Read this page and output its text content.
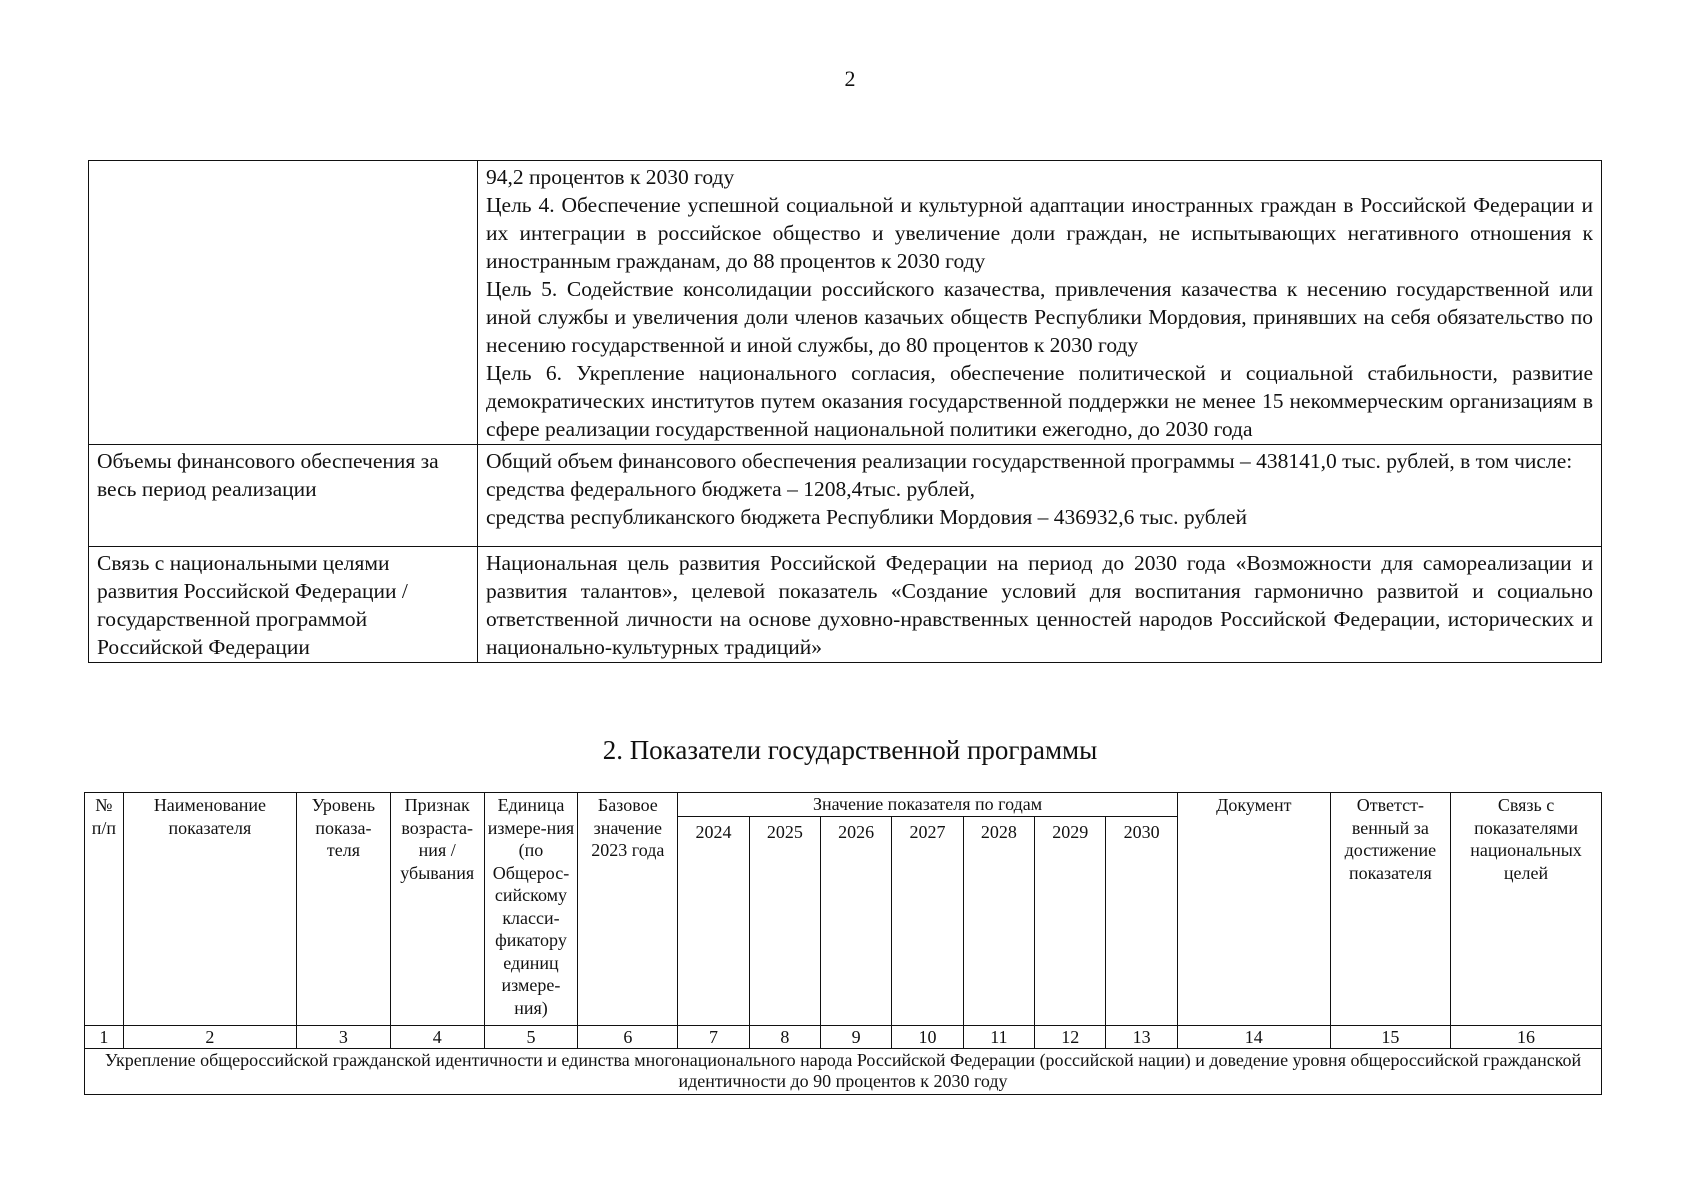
2

	94,2 процентов к 2030 году

Цель 4. Обеспечение успешной социальной и культурной адаптации иностранных граждан в Российской Федерации и их интеграции в российское общество и увеличение доли граждан, не испытывающих негативного отношения к иностранным гражданам, до 88 процентов к 2030 году

Цель 5. Содействие консолидации российского казачества, привлечения казачества к несению государственной или иной службы и увеличения доли членов казачьих обществ Республики Мордовия, принявших на себя обязательство по несению государственной и иной службы, до 80 процентов к 2030 году

Цель 6. Укрепление национального согласия, обеспечение политической и социальной стабильности, развитие демократических институтов путем оказания государственной поддержки не менее 15 некоммерческим организациям в сфере реализации государственной национальной политики ежегодно, до 2030 года

Объемы финансового обеспечения за весь период реализации	Общий объем финансового обеспечения реализации государственной программы – 438141,0 тыс. рублей, в том числе:

средства федерального бюджета – 1208,4тыс. рублей,

средства республиканского бюджета Республики Мордовия – 436932,6 тыс. рублей

Связь с национальными целями развития Российской Федерации / государственной программой Российской Федерации	Национальная цель развития Российской Федерации на период до 2030 года «Возможности для самореализации и развития талантов», целевой показатель «Создание условий для воспитания гармонично развитой и социально ответственной личности на основе духовно-нравственных ценностей народов Российской Федерации, исторических и национально-культурных традиций»
2. Показатели государственной программы
№ п/п	Наименование показателя	Уровень показа-теля	Признак возраста-ния /убывания	Единица измере-ния (по Общерос-сийскому класси-фикатору единиц измере-ния)	Базовое значение 2023 года	Значение показателя по годам							Документ	Ответст-венный за достижение показателя	Связь с показателями национальных целей
						2024	2025	2026	2027	2028	2029	2030			
1	2	3	4	5	6	7	8	9	10	11	12	13	14	15	16
Укрепление общероссийской гражданской идентичности и единства многонационального народа Российской Федерации (российской нации) и доведение уровня общероссийской гражданской идентичности до 90 процентов к 2030 году															
